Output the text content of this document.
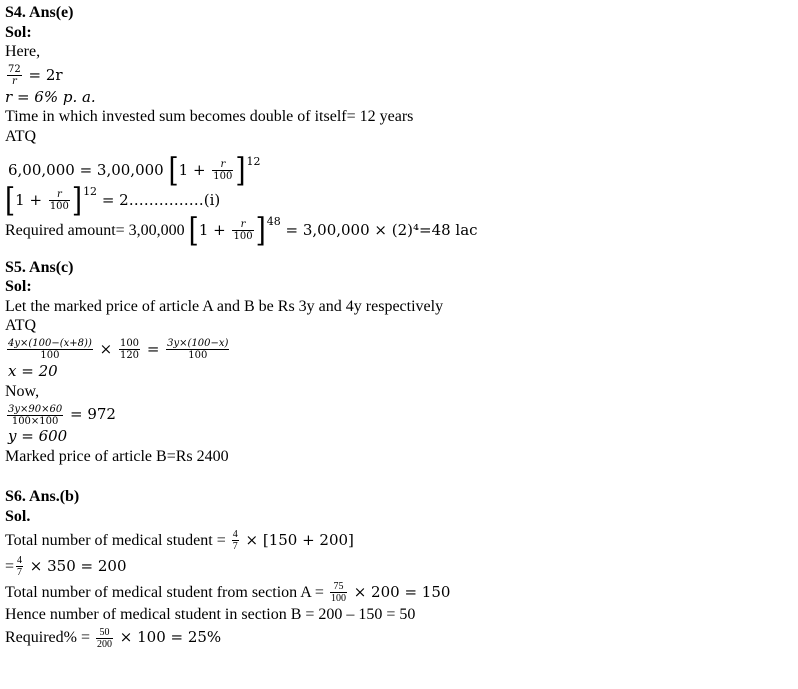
S4. Ans(e)
Sol:
Here,
$\frac{72}{r} = 2r$
r = 6% p. a.
Time in which invested sum becomes double of itself= 12 years
ATQ
6,00,000 = 3,00,000 $[1 + \frac{r}{100} ]^{12}$
$[1 + \frac{r}{100} ]^{12}$ = 2……………(i)
Required amount= 3,00,000 $[1 + \frac{r}{100} ]^{48} = 3,00,000 \times (2)^4=48$ lac
S5. Ans(c)
Sol:
Let the marked price of article A and B be Rs 3y and 4y respectively
ATQ
$\frac{4y\times(100-(x+8))}{100} \times \frac{100}{120} = \frac{3y\times(100-x)}{100}$
x = 20
Now,
$\frac{3y\times 90\times 60}{100\times 100} = 972$
y = 600
Marked price of article B=Rs 2400
S6. Ans.(b)
Sol.
Total number of medical student = $\frac{4}{7} \times [150 + 200]$
= $\frac{4}{7} \times 350 = 200$
Total number of medical student from section $A = \frac{75}{100} \times 200 = 150$
Hence number of medical student in section B = 200 – 150 = 50
Required% = $\frac{50}{200} \times 100 = 25\%$
